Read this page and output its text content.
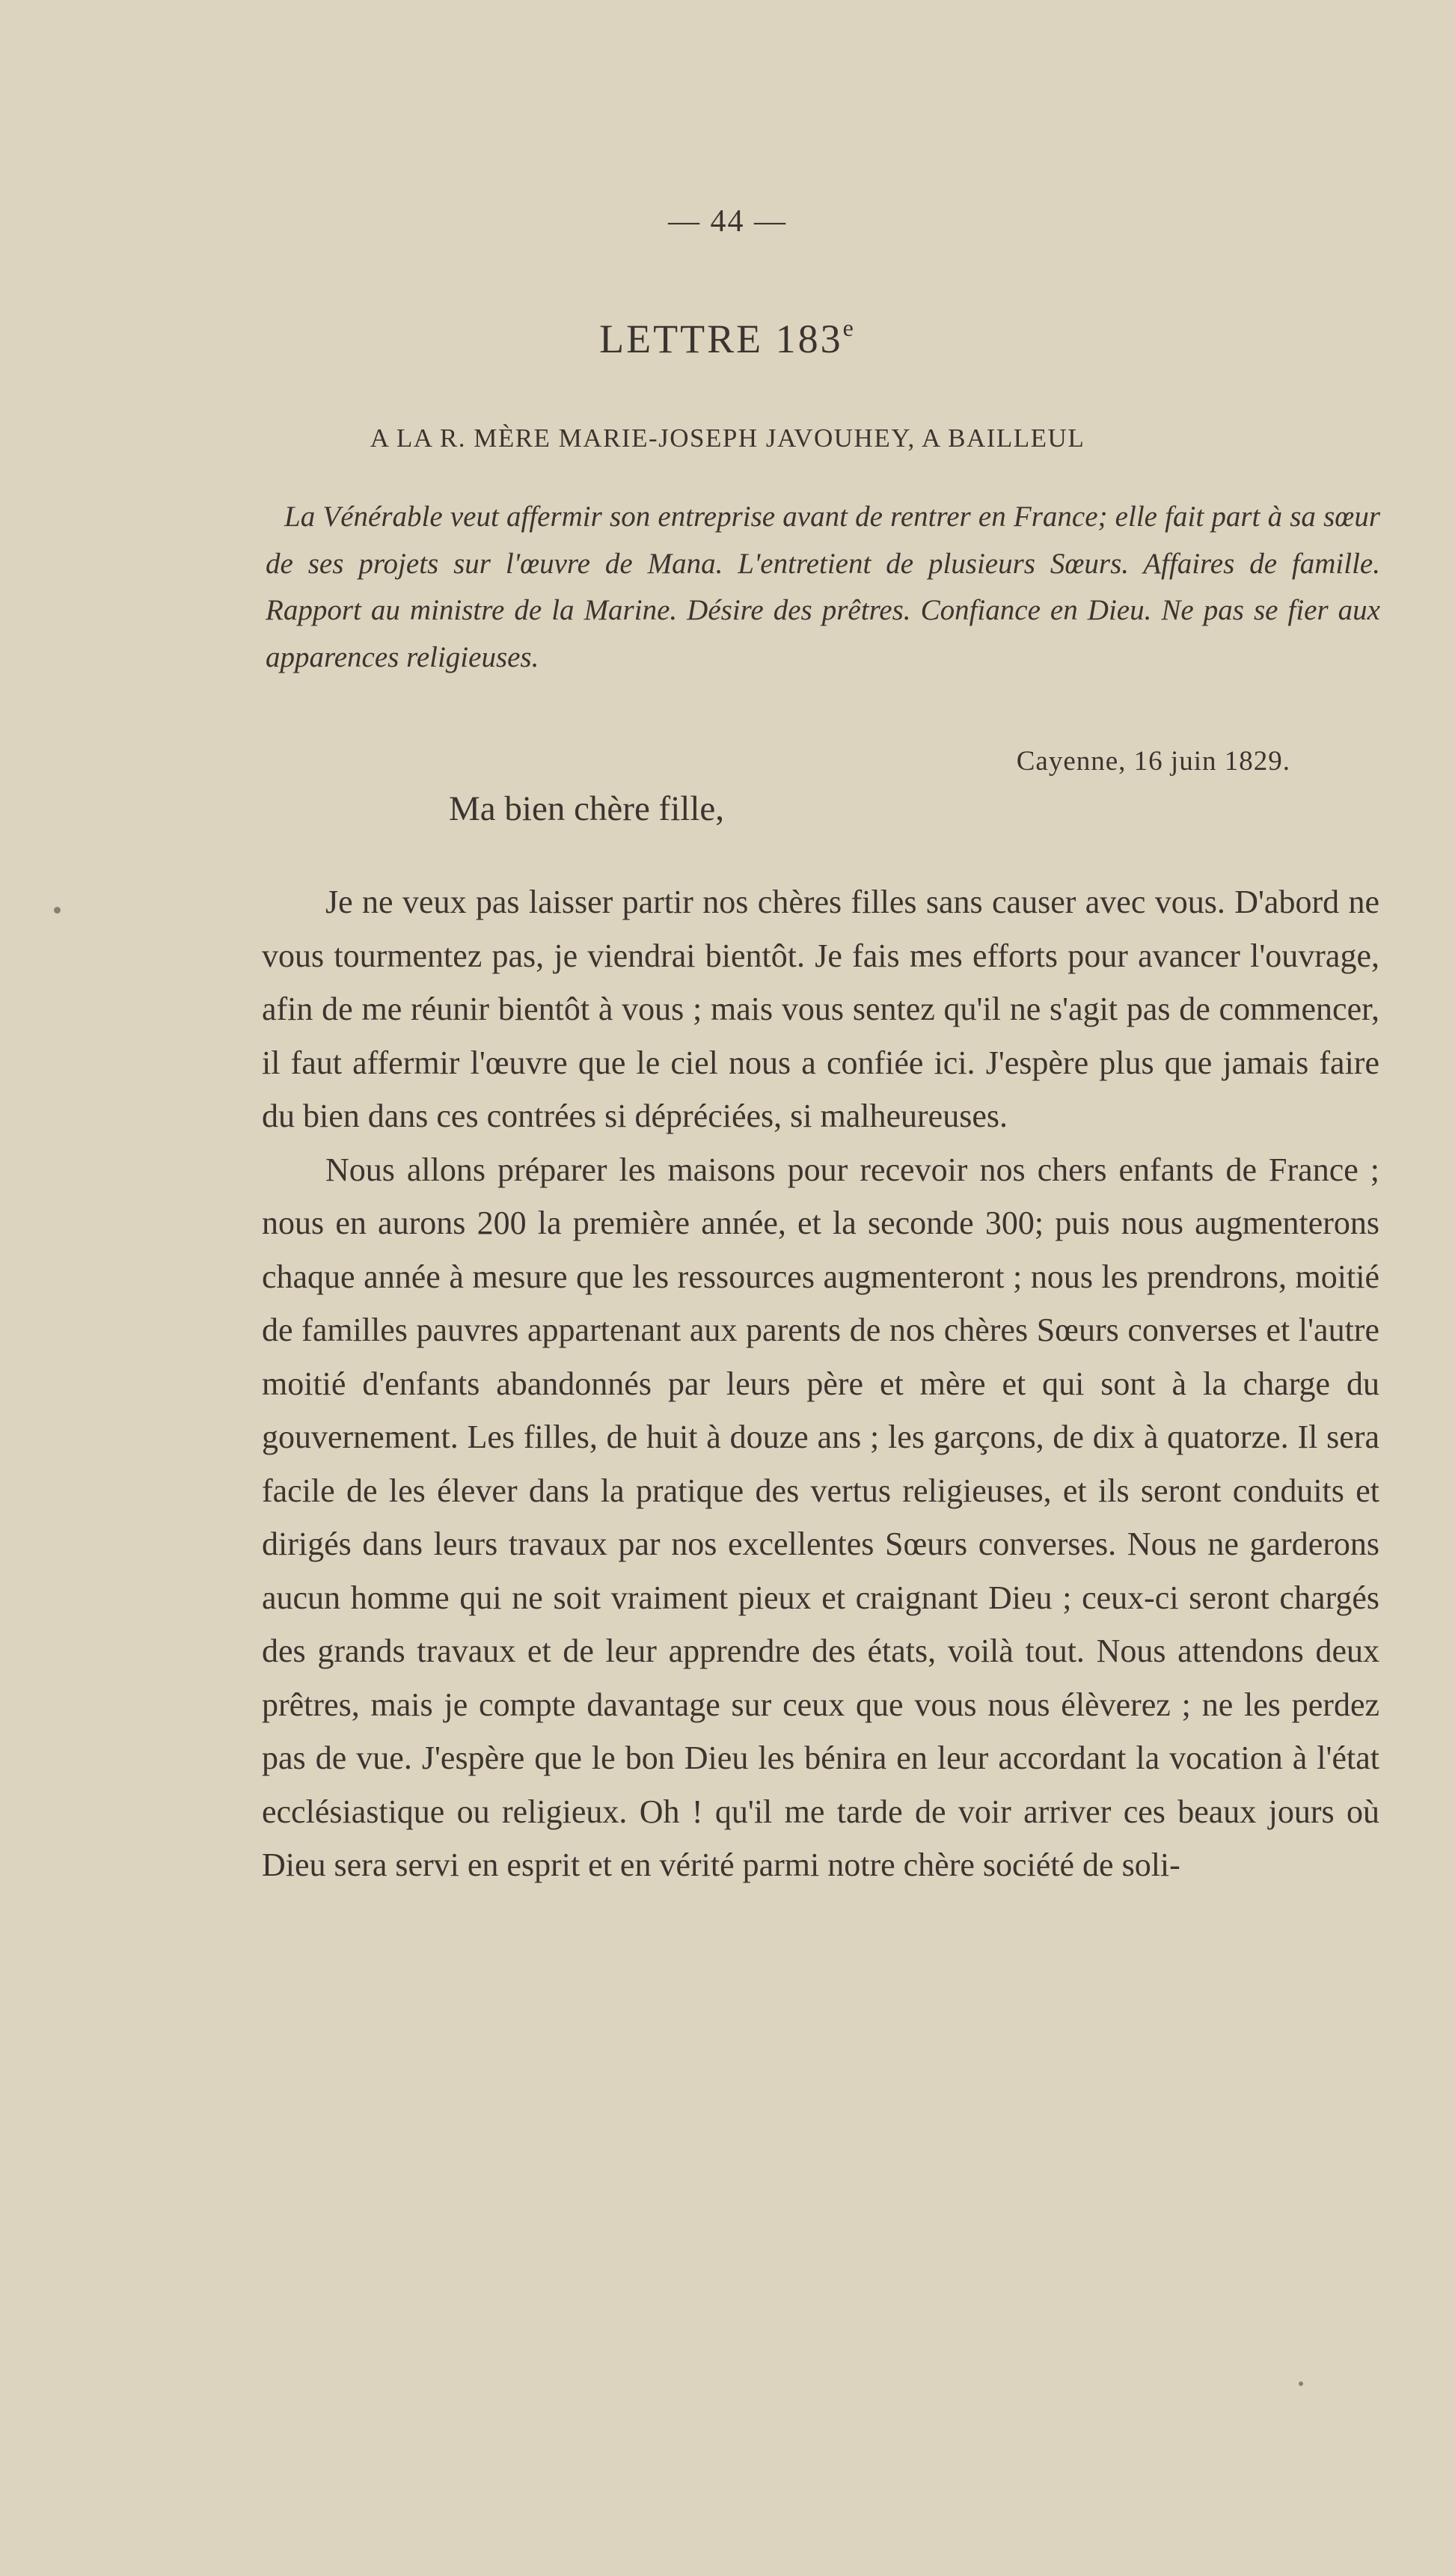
— 44 —
LETTRE 183e
A LA R. MÈRE MARIE-JOSEPH JAVOUHEY, A BAILLEUL

La Vénérable veut affermir son entreprise avant de rentrer en France; elle fait part à sa sœur de ses projets sur l'œuvre de Mana. L'entretient de plusieurs Sœurs. Affaires de famille. Rapport au ministre de la Marine. Désire des prêtres. Confiance en Dieu. Ne pas se fier aux apparences religieuses.

Cayenne, 16 juin 1829.
Ma bien chère fille,

Je ne veux pas laisser partir nos chères filles sans causer avec vous. D'abord ne vous tourmentez pas, je viendrai bientôt. Je fais mes efforts pour avancer l'ouvrage, afin de me réunir bientôt à vous ; mais vous sentez qu'il ne s'agit pas de commencer, il faut affermir l'œuvre que le ciel nous a confiée ici. J'espère plus que jamais faire du bien dans ces contrées si dépréciées, si malheureuses.

Nous allons préparer les maisons pour recevoir nos chers enfants de France ; nous en aurons 200 la première année, et la seconde 300; puis nous augmenterons chaque année à mesure que les ressources augmenteront ; nous les prendrons, moitié de familles pauvres appartenant aux parents de nos chères Sœurs converses et l'autre moitié d'enfants abandonnés par leurs père et mère et qui sont à la charge du gouvernement. Les filles, de huit à douze ans ; les garçons, de dix à quatorze. Il sera facile de les élever dans la pratique des vertus religieuses, et ils seront conduits et dirigés dans leurs travaux par nos excellentes Sœurs converses. Nous ne garderons aucun homme qui ne soit vraiment pieux et craignant Dieu ; ceux-ci seront chargés des grands travaux et de leur apprendre des états, voilà tout. Nous attendons deux prêtres, mais je compte davantage sur ceux que vous nous élèverez ; ne les perdez pas de vue. J'espère que le bon Dieu les bénira en leur accordant la vocation à l'état ecclésiastique ou religieux. Oh ! qu'il me tarde de voir arriver ces beaux jours où Dieu sera servi en esprit et en vérité parmi notre chère société de soli-
